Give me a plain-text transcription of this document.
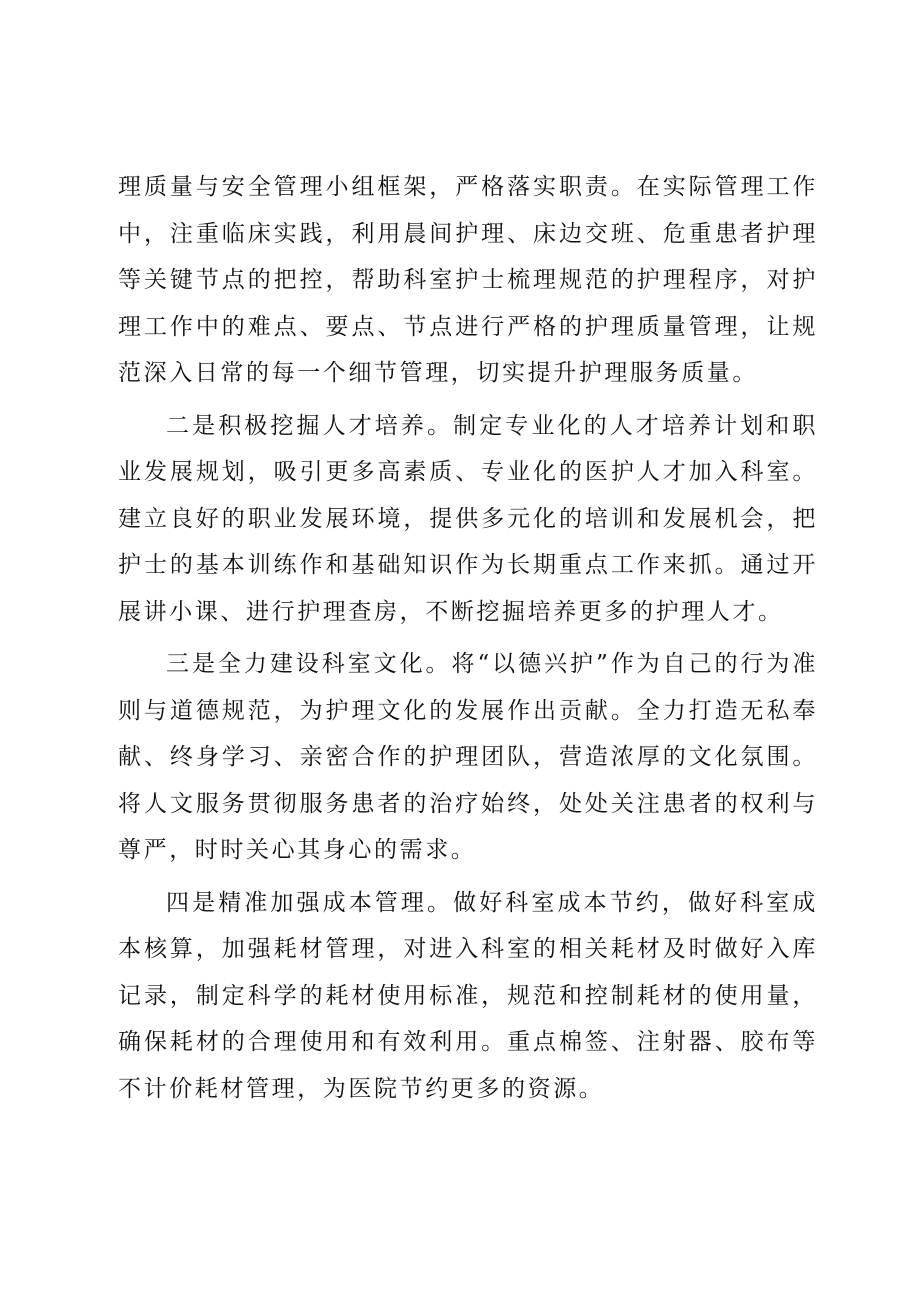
理质量与安全管理小组框架，严格落实职责。在实际管理工作中，注重临床实践，利用晨间护理、床边交班、危重患者护理等关键节点的把控，帮助科室护士梳理规范的护理程序，对护理工作中的难点、要点、节点进行严格的护理质量管理，让规范深入日常的每一个细节管理，切实提升护理服务质量。

二是积极挖掘人才培养。制定专业化的人才培养计划和职业发展规划，吸引更多高素质、专业化的医护人才加入科室。建立良好的职业发展环境，提供多元化的培训和发展机会，把护士的基本训练作和基础知识作为长期重点工作来抓。通过开展讲小课、进行护理查房，不断挖掘培养更多的护理人才。

三是全力建设科室文化。将“以德兴护”作为自己的行为准则与道德规范，为护理文化的发展作出贡献。全力打造无私奉献、终身学习、亲密合作的护理团队，营造浓厚的文化氛围。将人文服务贯彻服务患者的治疗始终，处处关注患者的权利与尊严，时时关心其身心的需求。

四是精准加强成本管理。做好科室成本节约，做好科室成本核算，加强耗材管理，对进入科室的相关耗材及时做好入库记录，制定科学的耗材使用标准，规范和控制耗材的使用量，确保耗材的合理使用和有效利用。重点棉签、注射器、胶布等不计价耗材管理，为医院节约更多的资源。
